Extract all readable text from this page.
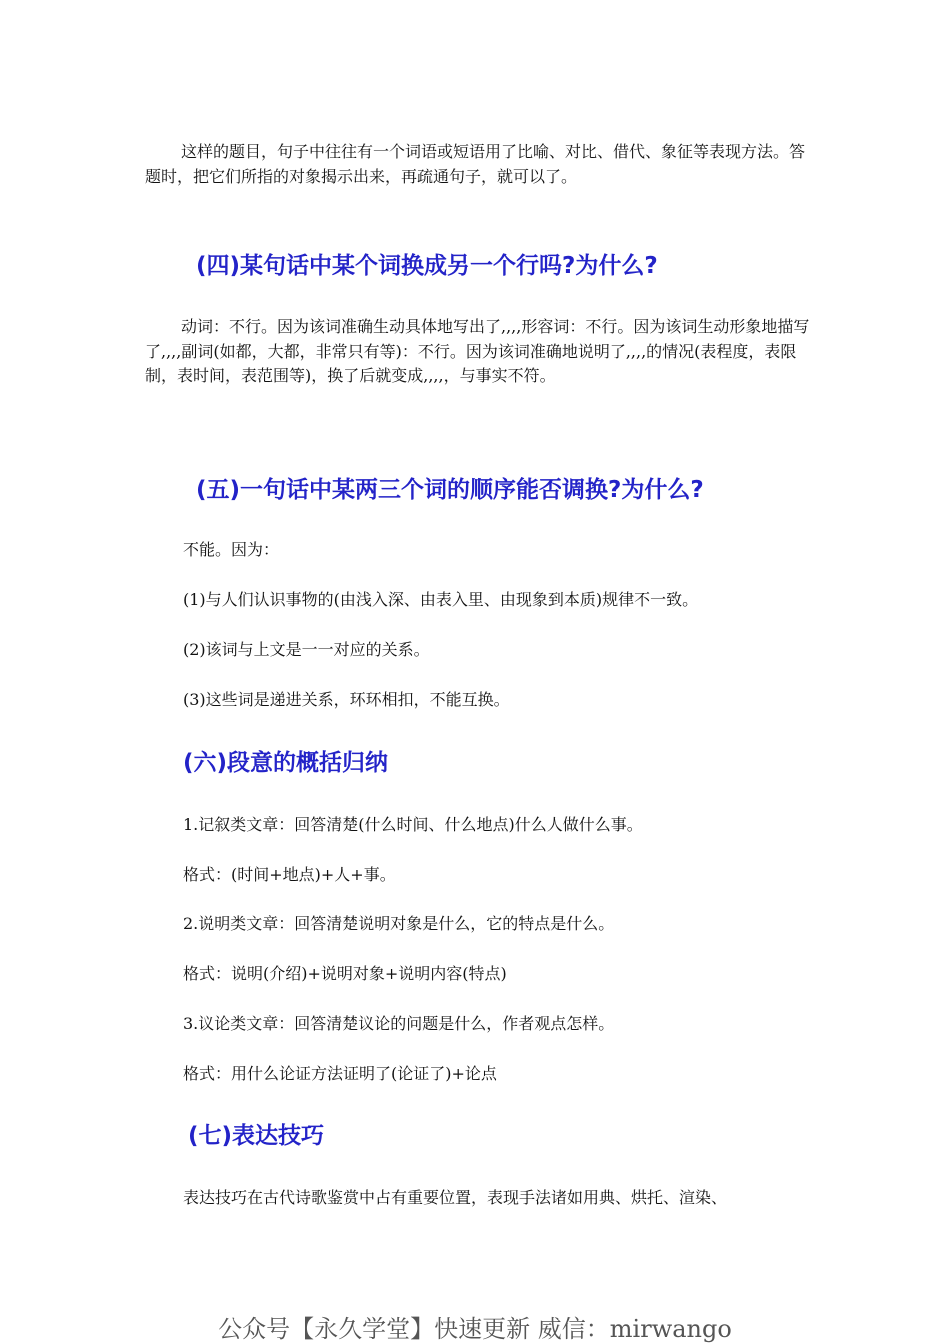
这样的题目，句子中往往有一个词语或短语用了比喻、对比、借代、象征等表现方法。答题时，把它们所指的对象揭示出来，再疏通句子，就可以了。

(四)某句话中某个词换成另一个行吗?为什么?

动词：不行。因为该词准确生动具体地写出了,,,,形容词：不行。因为该词生动形象地描写了,,,,副词(如都，大都，非常只有等)：不行。因为该词准确地说明了,,,,的情况(表程度，表限制，表时间，表范围等)，换了后就变成,,,,，与事实不符。

(五)一句话中某两三个词的顺序能否调换?为什么?

不能。因为：

(1)与人们认识事物的(由浅入深、由表入里、由现象到本质)规律不一致。

(2)该词与上文是一一对应的关系。

(3)这些词是递进关系，环环相扣，不能互换。

(六)段意的概括归纳

1.记叙类文章：回答清楚(什么时间、什么地点)什么人做什么事。

格式：(时间+地点)+人+事。

2.说明类文章：回答清楚说明对象是什么，它的特点是什么。

格式：说明(介绍)+说明对象+说明内容(特点)

3.议论类文章：回答清楚议论的问题是什么，作者观点怎样。

格式：用什么论证方法证明了(论证了)+论点

(七)表达技巧

表达技巧在古代诗歌鉴赏中占有重要位置，表现手法诸如用典、烘托、渲染、

公众号【永久学堂】快速更新 威信：mirwango
